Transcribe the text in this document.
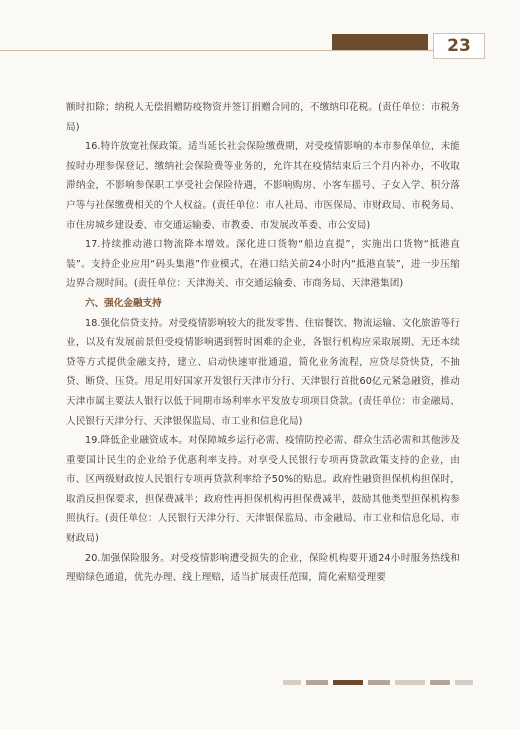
23

额时扣除；纳税人无偿捐赠防疫物资并签订捐赠合同的，不缴纳印花税。(责任单位：市税务局)

16.特许放宽社保政策。适当延长社会保险缴费期，对受疫情影响的本市参保单位，未能按时办理参保登记、缴纳社会保险费等业务的，允许其在疫情结束后三个月内补办，不收取滞纳金，不影响参保职工享受社会保险待遇，不影响购房、小客车摇号、子女入学、积分落户等与社保缴费相关的个人权益。(责任单位：市人社局、市医保局、市财政局、市税务局、市住房城乡建设委、市交通运输委、市教委、市发展改革委、市公安局)

17.持续推动港口物流降本增效。深化进口货物“船边直提”，实施出口货物“抵港直装”。支持企业应用“码头集港”作业模式，在港口结关前24小时内“抵港直装”，进一步压缩边界合规时间。(责任单位：天津海关、市交通运输委、市商务局、天津港集团)

六、强化金融支持

18.强化信贷支持。对受疫情影响较大的批发零售、住宿餐饮、物流运输、文化旅游等行业，以及有发展前景但受疫情影响遇到暂时困难的企业，各银行机构应采取展期、无还本续贷等方式提供金融支持，建立、启动快速审批通道，简化业务流程，应贷尽贷快贷，不抽贷、断贷、压贷。用足用好国家开发银行天津市分行、天津银行首批60亿元紧急融资，推动天津市属主要法人银行以低于同期市场利率水平发放专项项目贷款。(责任单位：市金融局、人民银行天津分行、天津银保监局、市工业和信息化局)

19.降低企业融资成本。对保障城乡运行必需、疫情防控必需、群众生活必需和其他涉及重要国计民生的企业给予优惠利率支持。对享受人民银行专项再贷款政策支持的企业，由市、区两级财政按人民银行专项再贷款利率给予50%的贴息。政府性融资担保机构担保时，取消反担保要求，担保费减半；政府性再担保机构再担保费减半，鼓励其他类型担保机构参照执行。(责任单位：人民银行天津分行、天津银保监局、市金融局、市工业和信息化局、市财政局)

20.加强保险服务。对受疫情影响遭受损失的企业，保险机构要开通24小时服务热线和理赔绿色通道，优先办理、线上理赔，适当扩展责任范围，简化索赔受理要
